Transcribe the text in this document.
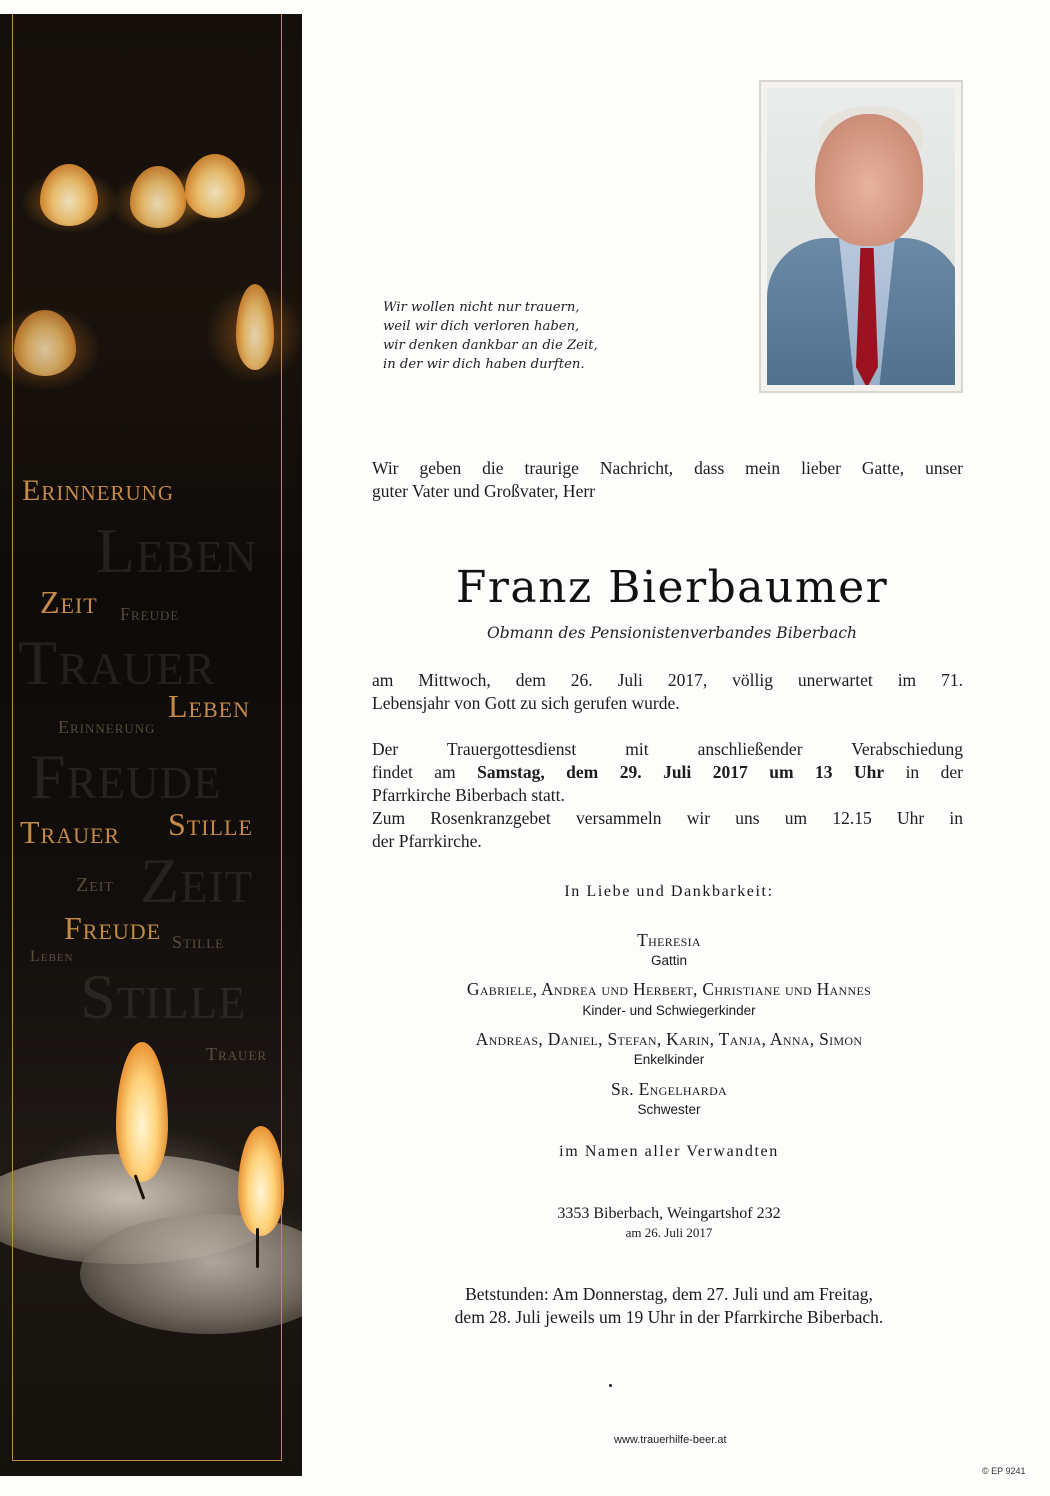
Erinnerung
Leben
Zeit Freude
Trauer
Leben
Erinnerung
Freude
Trauer Stille
Zeit
Zeit
Freude Stille
Leben
Stille
Trauer
Wir wollen nicht nur trauern,
weil wir dich verloren haben,
wir denken dankbar an die Zeit,
in der wir dich haben durften.
Wir geben die traurige Nachricht, dass mein lieber Gatte, unser
guter Vater und Großvater, Herr
Franz Bierbaumer
Obmann des Pensionistenverbandes Biberbach
am Mittwoch, dem 26. Juli 2017, völlig unerwartet im 71.
Lebensjahr von Gott zu sich gerufen wurde.
Der Trauergottesdienst mit anschließender Verabschiedung
findet am Samstag, dem 29. Juli 2017 um 13 Uhr in der
Pfarrkirche Biberbach statt.
Zum Rosenkranzgebet versammeln wir uns um 12.15 Uhr in
der Pfarrkirche.
In Liebe und Dankbarkeit:
Theresia
Gattin
Gabriele, Andrea und Herbert, Christiane und Hannes
Kinder- und Schwiegerkinder
Andreas, Daniel, Stefan, Karin, Tanja, Anna, Simon
Enkelkinder
Sr. Engelharda
Schwester
im Namen aller Verwandten
3353 Biberbach, Weingartshof 232
am 26. Juli 2017
Betstunden: Am Donnerstag, dem 27. Juli und am Freitag,
dem 28. Juli jeweils um 19 Uhr in der Pfarrkirche Biberbach.
www.trauerhilfe-beer.at
© EP 9241
